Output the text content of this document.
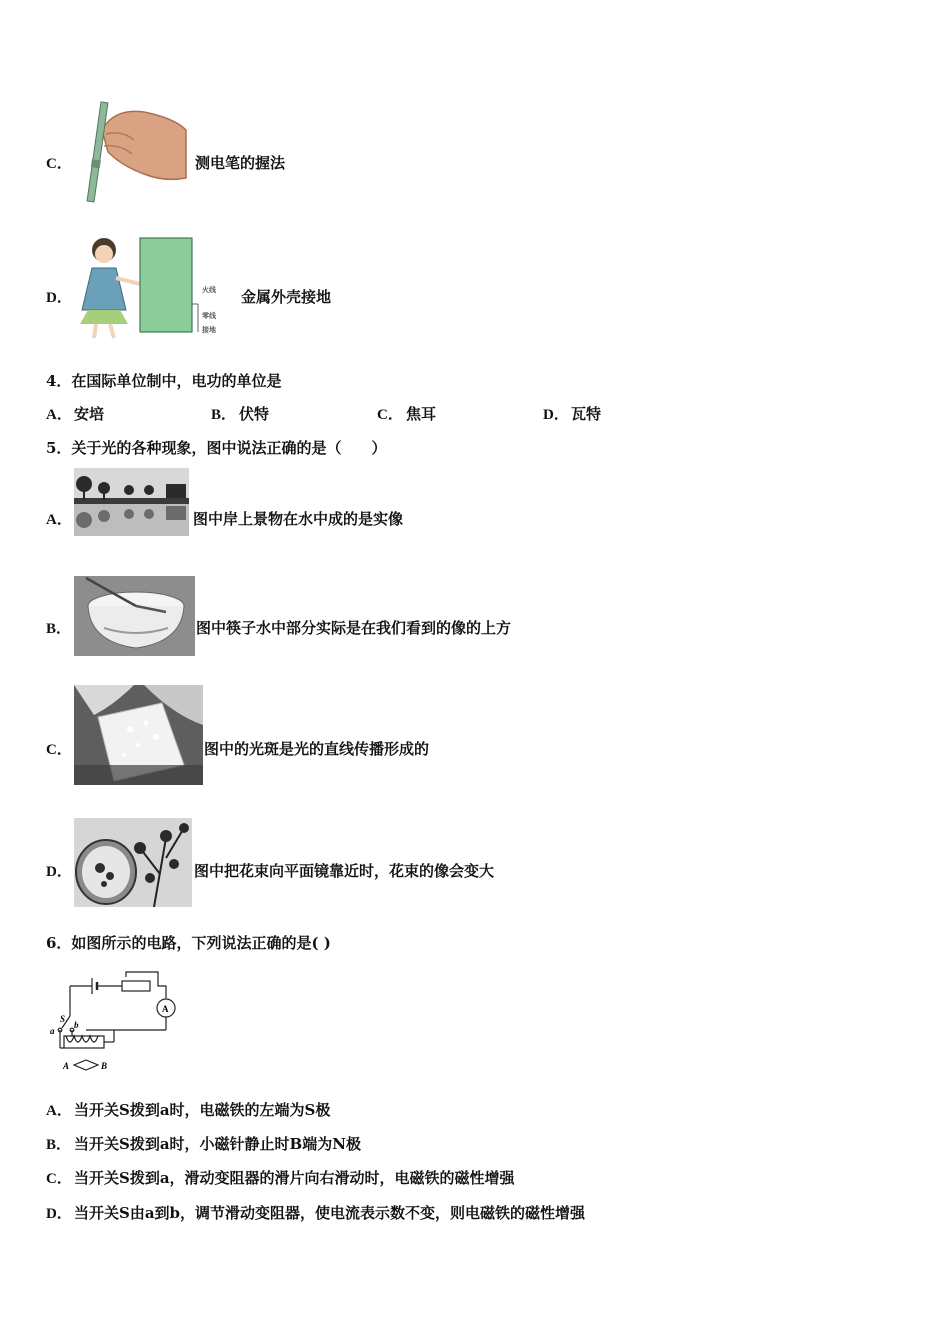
C．	测电笔的握法
D．
火线
零线
接地
金属外壳接地
4．在国际单位制中，电功的单位是
A． 安培	B． 伏特	C． 焦耳	D． 瓦特
5．关于光的各种现象，图中说法正确的是（　　）
A．	图中岸上景物在水中成的是实像
B．	图中筷子水中部分实际是在我们看到的像的上方
C．	图中的光斑是光的直线传播形成的
D．	图中把花束向平面镜靠近时，花束的像会变大
6．如图所示的电路，下列说法正确的是( )
A
S
a
b
A	B
A． 当开关S拨到a时，电磁铁的左端为S极
B． 当开关S拨到a时，小磁针静止时B端为N极
C． 当开关S拨到a，滑动变阻器的滑片向右滑动时，电磁铁的磁性增强
D． 当开关S由a到b，调节滑动变阻器，使电流表示数不变，则电磁铁的磁性增强
